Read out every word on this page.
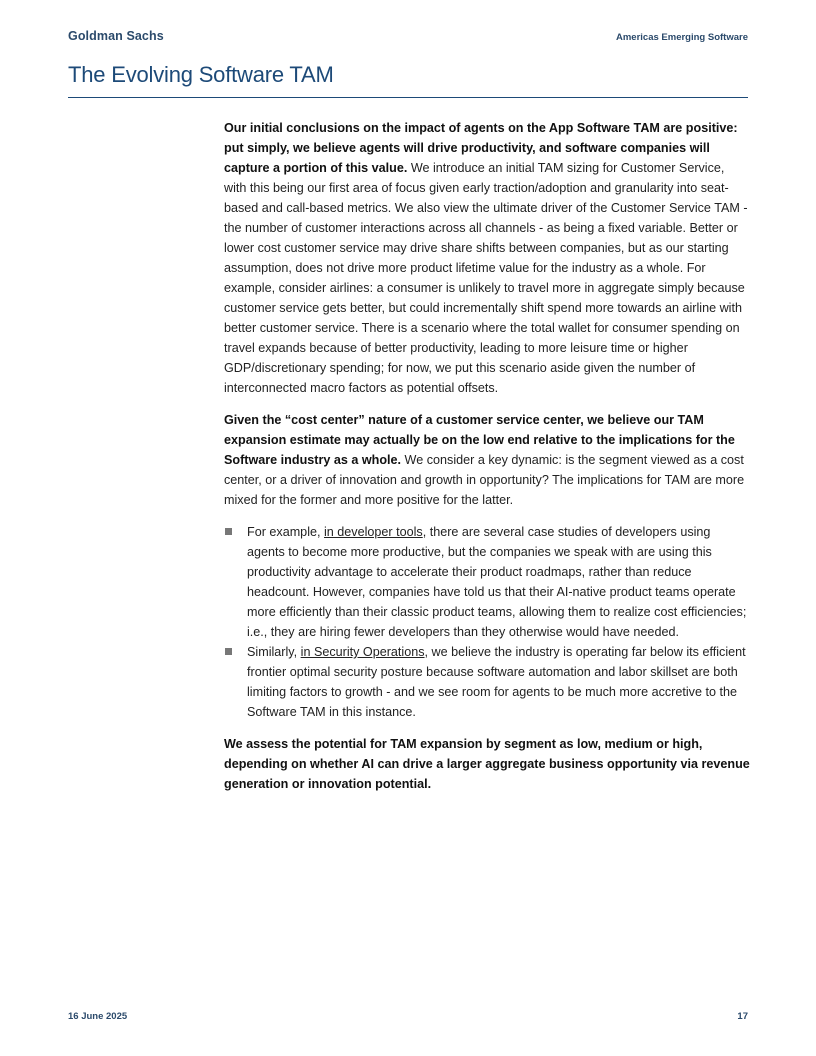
Goldman Sachs	Americas Emerging Software
The Evolving Software TAM

Our initial conclusions on the impact of agents on the App Software TAM are positive: put simply, we believe agents will drive productivity, and software companies will capture a portion of this value. We introduce an initial TAM sizing for Customer Service, with this being our first area of focus given early traction/adoption and granularity into seat-based and call-based metrics. We also view the ultimate driver of the Customer Service TAM - the number of customer interactions across all channels - as being a fixed variable. Better or lower cost customer service may drive share shifts between companies, but as our starting assumption, does not drive more product lifetime value for the industry as a whole. For example, consider airlines: a consumer is unlikely to travel more in aggregate simply because customer service gets better, but could incrementally shift spend more towards an airline with better customer service. There is a scenario where the total wallet for consumer spending on travel expands because of better productivity, leading to more leisure time or higher GDP/discretionary spending; for now, we put this scenario aside given the number of interconnected macro factors as potential offsets.

Given the “cost center” nature of a customer service center, we believe our TAM expansion estimate may actually be on the low end relative to the implications for the Software industry as a whole. We consider a key dynamic: is the segment viewed as a cost center, or a driver of innovation and growth in opportunity? The implications for TAM are more mixed for the former and more positive for the latter.

For example, in developer tools, there are several case studies of developers using agents to become more productive, but the companies we speak with are using this productivity advantage to accelerate their product roadmaps, rather than reduce headcount. However, companies have told us that their AI-native product teams operate more efficiently than their classic product teams, allowing them to realize cost efficiencies; i.e., they are hiring fewer developers than they otherwise would have needed.
Similarly, in Security Operations, we believe the industry is operating far below its efficient frontier optimal security posture because software automation and labor skillset are both limiting factors to growth - and we see room for agents to be much more accretive to the Software TAM in this instance.

We assess the potential for TAM expansion by segment as low, medium or high, depending on whether AI can drive a larger aggregate business opportunity via revenue generation or innovation potential.

16 June 2025	17
